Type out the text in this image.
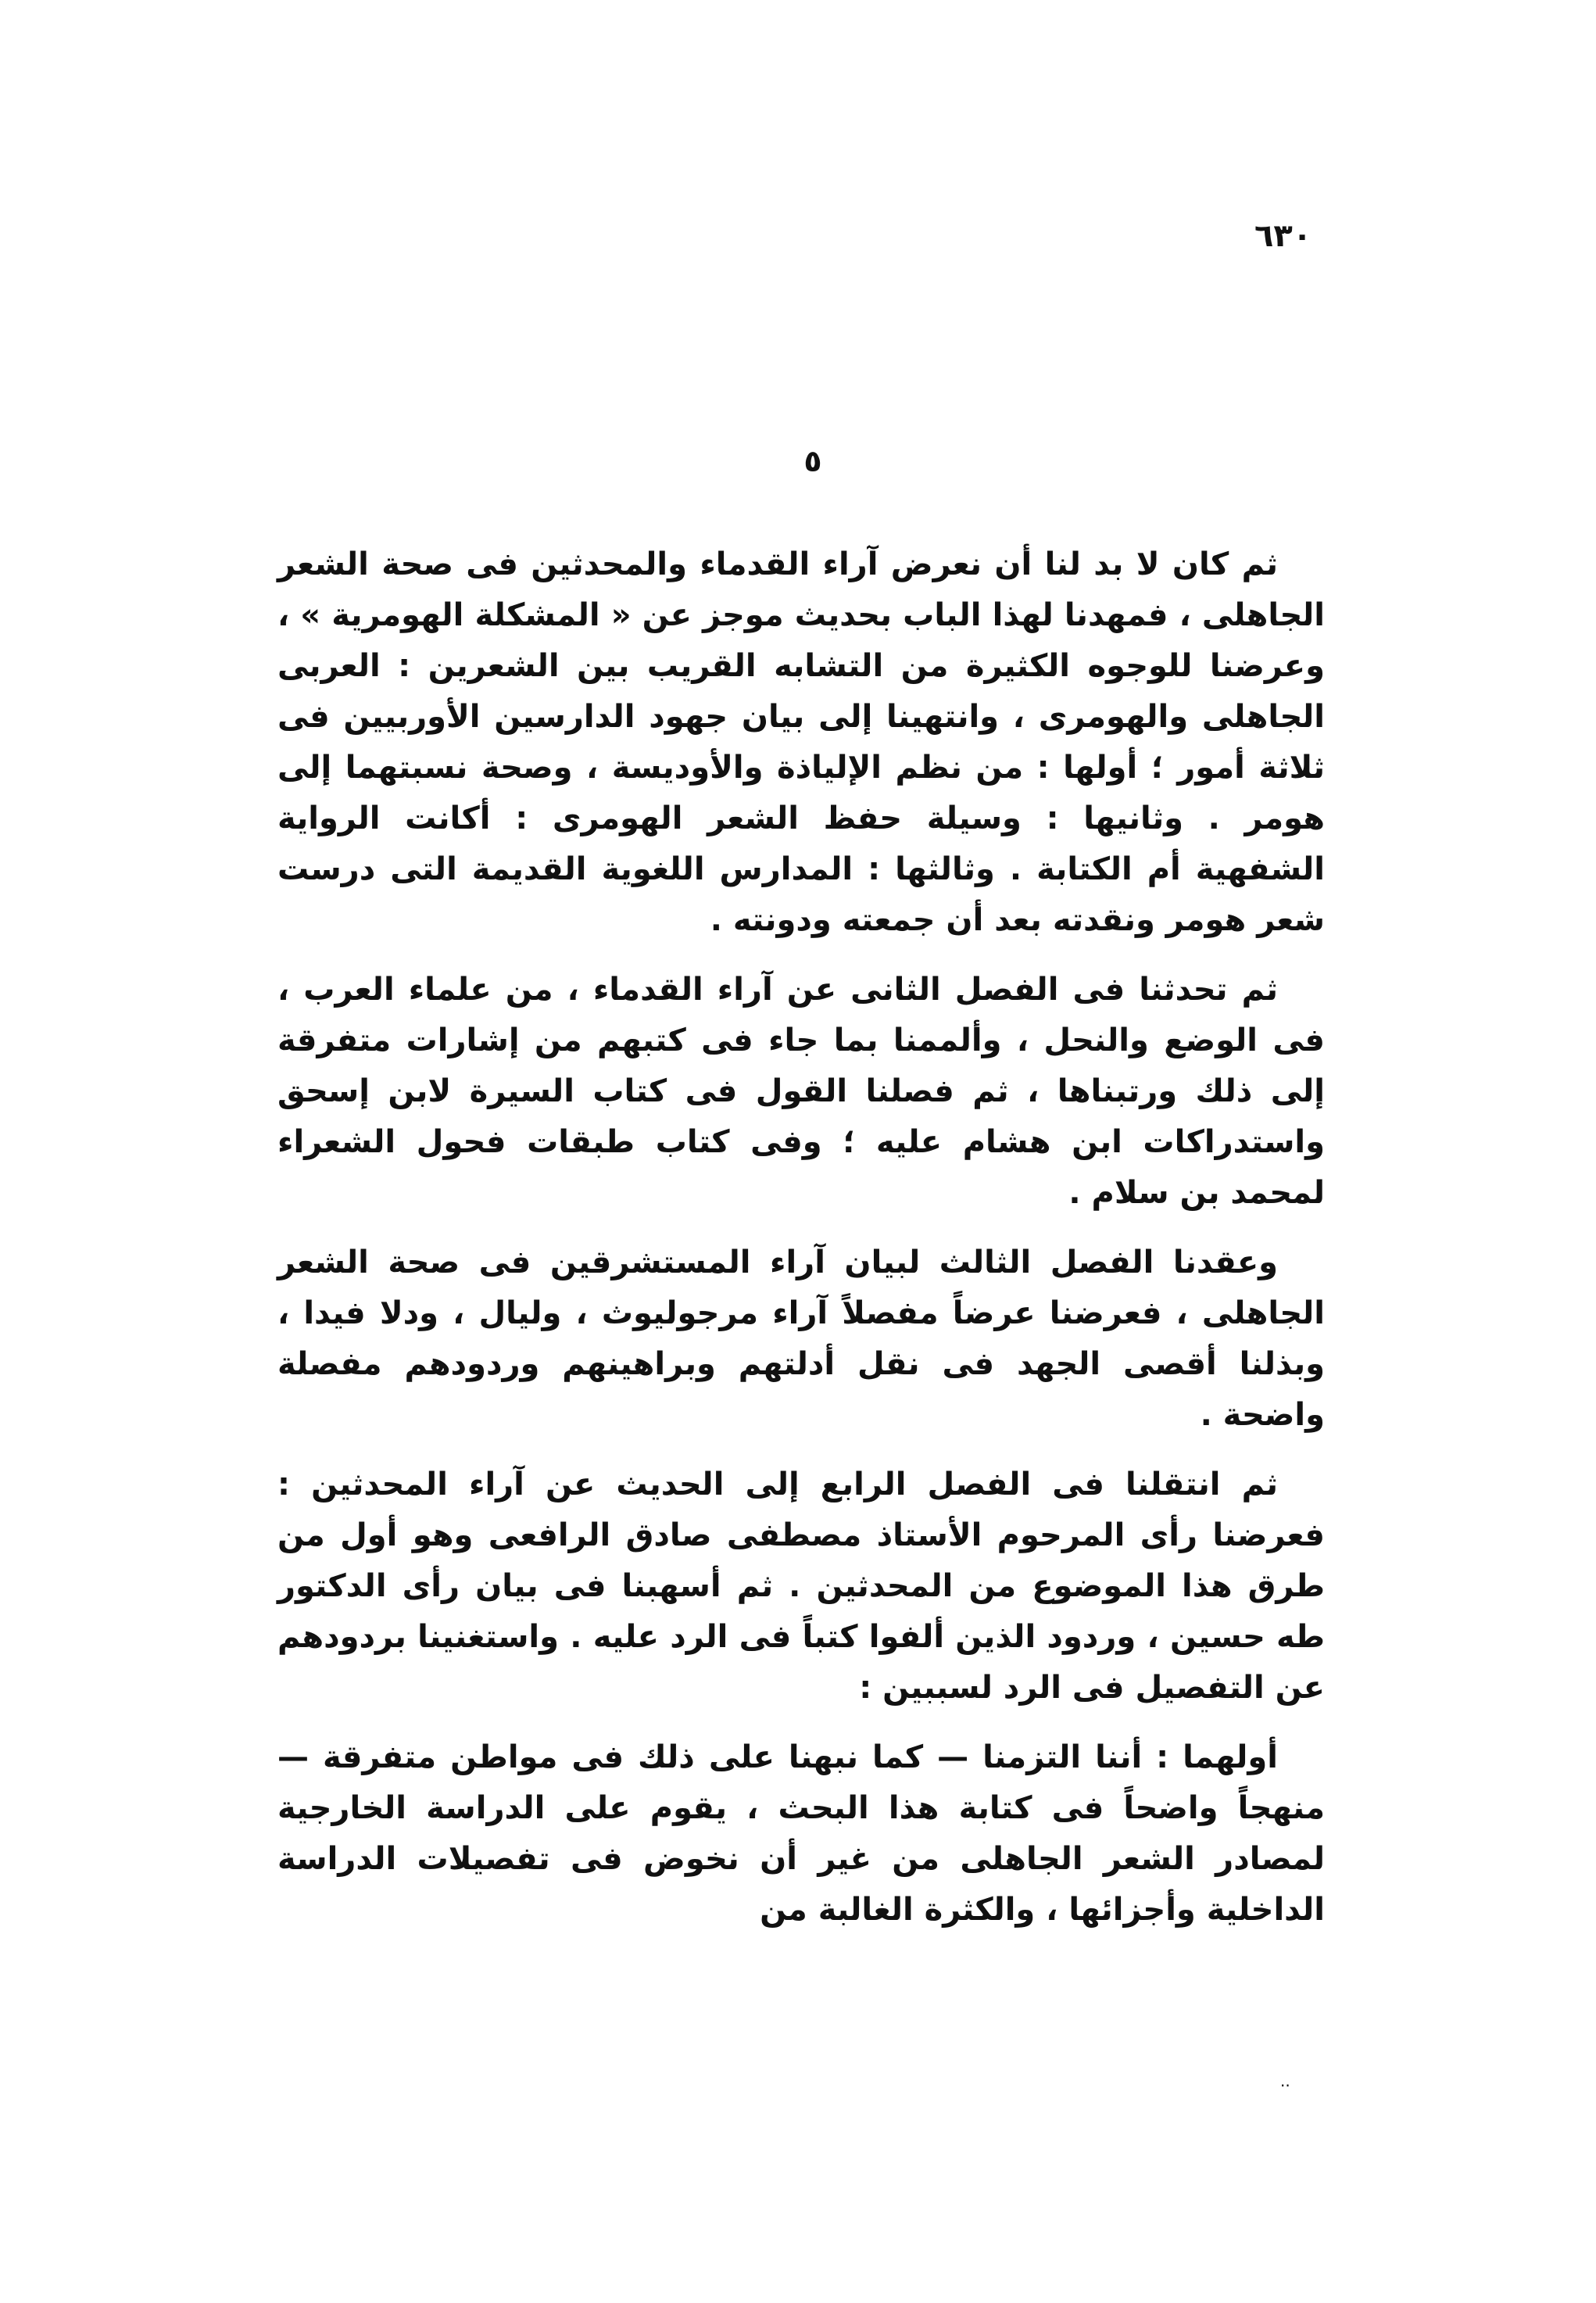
٦٣٠
٥

ثم كان لا بد لنا أن نعرض آراء القدماء والمحدثين فى صحة الشعر الجاهلى ، فمهدنا لهذا الباب بحديث موجز عن « المشكلة الهومرية » ، وعرضنا للوجوه الكثيرة من التشابه القريب بين الشعرين : العربى الجاهلى والهومرى ، وانتهينا إلى بيان جهود الدارسين الأوربيين فى ثلاثة أمور ؛ أولها : من نظم الإلياذة والأوديسة ، وصحة نسبتهما إلى هومر . وثانيها : وسيلة حفظ الشعر الهومرى : أكانت الرواية الشفهية أم الكتابة . وثالثها : المدارس اللغوية القديمة التى درست شعر هومر ونقدته بعد أن جمعته ودونته .

ثم تحدثنا فى الفصل الثانى عن آراء القدماء ، من علماء العرب ، فى الوضع والنحل ، وألممنا بما جاء فى كتبهم من إشارات متفرقة إلى ذلك ورتبناها ، ثم فصلنا القول فى كتاب السيرة لابن إسحق واستدراكات ابن هشام عليه ؛ وفى كتاب طبقات فحول الشعراء لمحمد بن سلام .

وعقدنا الفصل الثالث لبيان آراء المستشرقين فى صحة الشعر الجاهلى ، فعرضنا عرضاً مفصلاً آراء مرجوليوث ، وليال ، ودلا فيدا ، وبذلنا أقصى الجهد فى نقل أدلتهم وبراهينهم وردودهم مفصلة واضحة .

ثم انتقلنا فى الفصل الرابع إلى الحديث عن آراء المحدثين : فعرضنا رأى المرحوم الأستاذ مصطفى صادق الرافعى وهو أول من طرق هذا الموضوع من المحدثين . ثم أسهبنا فى بيان رأى الدكتور طه حسين ، وردود الذين ألفوا كتباً فى الرد عليه . واستغنينا بردودهم عن التفصيل فى الرد لسببين :

أولهما : أننا التزمنا — كما نبهنا على ذلك فى مواطن متفرقة — منهجاً واضحاً فى كتابة هذا البحث ، يقوم على الدراسة الخارجية لمصادر الشعر الجاهلى من غير أن نخوض فى تفصيلات الدراسة الداخلية وأجزائها ، والكثرة الغالبة من

..
